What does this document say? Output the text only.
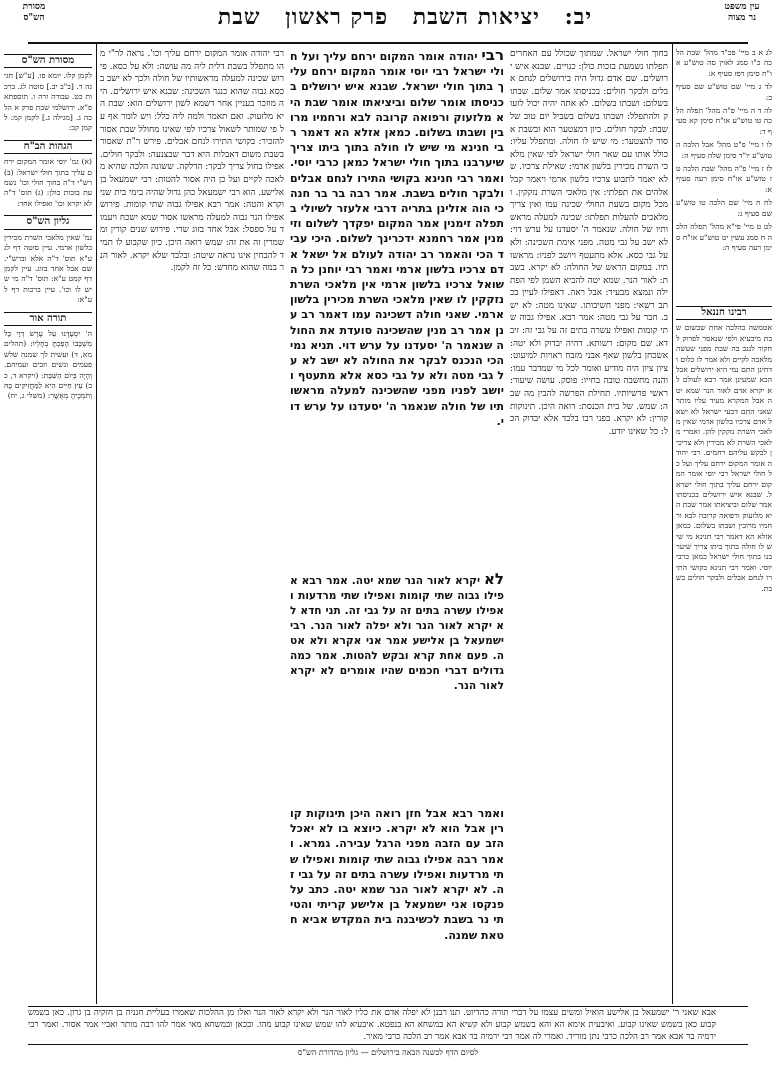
עין משפט
נר מצוה
יב: יציאות השבת פרק ראשון שבת
מסורת
הש"ס

לג א ב מיי' פכ"ד מהל' שבת הלכה כ"ו סמג לאוין סה טוש"ע או"ח סימן רפז סעיף א:

לד ג מיי' שם טוש"ע שם סעיף ב:

לה ד ה מיי' פ"ה מהל' תפלה הלכה טו טוש"ע או"ח סימן קא סעיף ד:

לו ו מיי' פ"ט מהל' אבל הלכה ה טוש"ע יו"ד סימן שלה סעיף ה:

לז ז מיי' פ"ה מהל' שבת הלכה טז טוש"ע או"ח סימן רעה סעיף א:

לח ח מיי' שם הלכה טו טוש"ע שם סעיף ג:

לט ט מיי' פי"א מהל' תפלה הלכה ח סמג עשין יט טוש"ע או"ח סימן רעה סעיף ה:

רבינו חננאל

אטמשה בהלכה אחת שבשום שבת מיבעיא ולפי שנאסר לפרוק לחקור לנגב בה שבת מפני שעשה מלאכה לקיים ולא אמר לו כלום ודחינן התם נמי היא ירושלים אבל הכא שמעינן אמר רבא לעולם לא יקרא אדם לאור הנר שמא יטה אבל המקרא מעיד עליו מותר שאני התם דבעי ישראל לא ישאל אדם צרכיו בלשון ארמי שאין מלאכי השרת נזקקין להן. ואמרי מלאכי השרת לא מכירין ולא צריכין לבקש עליהם רחמים. רבי יהודה אומר המקום ירחם עליך ועל כל חולי ישראל רבי יוסי אומר המקום ירחם עליך בתוך חולי ישראל. שבנא איש ירושלים בכניסתו אמר שלום וביציאתו אמר שבת היא מלזעוק ורפואה קרובה לבא ורחמיו מרובין ושבתו בשלום. כמאן אזלא הא דאמר רבי חנינא מי שיש לו חולה בתוך ביתו צריך שיערבנו בתוך חולי ישראל כמאן כרבי יוסי. ואמר רבי חנינא בקושי התירו לנחם אבלים ולבקר חולים בשבת.

בחוך חולי ישראל. שמתוך שכולל עם האחרים תפלתו נשמעת בזכות כולן: כנויים. שבנא איש ירושלים. שם אדם גדול היה בירושלים לנחם אבלים ולבקר חולים: בכניסתו אמר שלום. שבתו בשלום: ושבתו בשלום. לא אתה יהיה יכול לזעוק ולהתפלל: ושבתו בשלום בשביל יום טוב של שבת: לבקר חולים. כיון דמצטער הוא ובשבת אסור להצטער: מי שיש לו חולה. ומתפלל עליו: כולל אותו עם שאר חולי ישראל לפי שאין מלאכי השרת מכירין בלשון ארמי: שאילת צרכיו. שלא יאמר לתבוע צרכיו בלשון ארמי ויאמר קבל אלהים את תפלתי: אין מלאכי השרת נזקקין. ומכל מקום בשעת החולי שכינה עמו ואין צריך מלאכים להעלות תפלתו: שכינה למעלה מראשותיו של חולה. שנאמר ה' יסעדנו על ערש דוי: לא ישב על גבי מטה. מפני אימת השכינה: ולא על גבי כסא. אלא מתעטף ויושב לפניו: מראשותיו. במקום הראש של החולה: לא יקרא. בשבת: לאור הנר. שמא יטה להביא השמן לפי הפתילה ונמצא מבעיר: אבל ראה. דאפילו לעיין בכתב רשאי: מפני חשיבותו. שאינו מטה: לא ישב. חבר על גבי מטה: אמר רבא. אפילו גבוה שתי קומות ואפילו עשרה בתים זה על גבי זה: זיבדא. שם מקום: רשותא. דהיה יבדוק ולא יטה: אשכחן בלשון שאף אבני מזבח ראויות למיעוט: ציון ציון היה מודיע ואומר לכל מי שמדבר עמו: והנה מחשבה טובה בחייו: פוסק. עושה שיעור: ראשי פרשיותיו. תחילת הפרשה להבין מה שבה: שמש. של בית הכנסת: רואה היכן. תינוקות קורין: לא יקרא. בפני רבו בלבד אלא יבדוק הכל: כל שאינו יודע.

רבי יהודה אומר המקום ירחם עליך ועל חולי ישראל רבי יוסי אומר המקום ירחם עליך בתוך חולי ישראל. שבנא איש ירושלים בכניסתו אומר שלום וביציאתו אומר שבת היא מלזעוק ורפואה קרובה לבא ורחמיו מרובין ושבתו בשלום. כמאן אזלא הא דאמר רבי חנינא מי שיש לו חולה בתוך ביתו צריך שיערבנו בתוך חולי ישראל כמאן כרבי יוסי. ואמר רבי חנינא בקושי התירו לנחם אבלים ולבקר חולים בשבת. אמר רבה בר בר חנה כי הוה אזלינן בתריה דרבי אלעזר לשיולי בתפלה זימנין אמר המקום יפקדך לשלום וזימנין אמר רחמנא ידכרינך לשלום. היכי עביד הכי והאמר רב יהודה לעולם אל ישאל אדם צרכיו בלשון ארמי ואמר רבי יוחנן כל השואל צרכיו בלשון ארמי אין מלאכי השרת נזקקין לו שאין מלאכי השרת מכירין בלשון ארמי. שאני חולה דשכינה עמו דאמר רב ענן אמר רב מנין שהשכינה סועדת את החולה שנאמר ה' יסעדנו על ערש דוי. תניא נמי הכי הנכנס לבקר את החולה לא ישב לא על גבי מטה ולא על גבי כסא אלא מתעטף ויושב לפניו מפני שהשכינה למעלה מראשותיו של חולה שנאמר ה' יסעדנו על ערש דוי.

לא יקרא לאור הנר שמא יטה. אמר רבא אפילו גבוה שתי קומות ואפילו שתי מרדעות ואפילו עשרה בתים זה על גבי זה. תני חדא לא יקרא לאור הנר ולא יפלה לאור הנר. רבי ישמעאל בן אלישע אמר אני אקרא ולא אטה. פעם אחת קרא ובקש להטות. אמר כמה גדולים דברי חכמים שהיו אומרים לא יקרא לאור הנר.

ואמר רבא אבל חזן רואה היכן תינוקות קורין אבל הוא לא יקרא. כיוצא בו לא יאכל הזב עם הזבה מפני הרגל עבירה. גמרא. ואמר רבה אפילו גבוה שתי קומות ואפילו שתי מרדעות ואפילו עשרה בתים זה על גבי זה. לא יקרא לאור הנר שמא יטה. כתב על פנקסו אני ישמעאל בן אלישע קריתי והטיתי נר בשבת לכשיבנה בית המקדש אביא חטאת שמנה.

רבי יהודה אומר המקום ירחם עליך וכו'. נראה לר"י מהו מתפלל בשבת דלית ליה מה עושה: ולא על כסא. פירוש שכינה למעלה מראשותיו של חולה ולכך לא ישב בכסא גבוה שהוא כנגד השכינה: שבנא איש ירושלים. היה מוזכר בעניין אחר דשמא לשון ירושלים הוא: שבת היא מלזעוק. ואם תאמר ולמה ליה כלל: ויש לומר אף על פי שמותר לשאול צרכיו לפי שאינו מחולל שבת אסור להזכיר: בקושי התירו לנחם אבלים. פירש ר"ת שאסור בשבת משום דאבלות היא דבר שבצנעה: ולבקר חולים. אפילו בחול צריך לבקר: הדלקה. ששונה הלכה שהיא מלאכה לקיים ועל כן היה אסור להטות: רבי ישמעאל בן אלישע. הוא רבי ישמעאל כהן גדול שהיה בימי בית שני וקרא והטה: אמר רבא אפילו גבוה שתי קומות. פירוש אפילו הנר גבוה למעלה מראשו אסור שמא ישכח ויעמוד על ספסל: אבל אחד בזוג שרי. פירוש שנים קורין ומשמרין זה את זה: שמש רואה היכן. כיון שקבוע לו תמיד להבחין אינו נראה שיטה: ובלבד שלא יקרא. לאור הנר במה שהוא מחדש: כל זה לקמן.

מסורת הש"ס

לקמן קלו. יומא פו. [ע"ש] חגיגה ד. [ב"ב יב.] סוטה לג. ברכות כט. עבודה זרה ו. תוספתא פ"א. ירושלמי שבת פרק א הלכה ג. [מגילה ג.] לקמן קמ: לקמן קכ:

הגהות הב"ח

(א) גמ' יוסי אומר המקום ירחם עליך בתוך חולי ישראל: (ב) רש"י ד"ה בחוך חולי וכו' נשמעת בזכות כולן: (ג) תוס' ד"ה לא יקרא וכו' ואפילו אחד:

גליון הש"ס

גמ' שאין מלאכי השרת מכירין בלשון ארמי. עיין סוטה דף לג ע"א תוס' ד"ה אלא וברש"י. שם אבל אחד בזוג. עיין לקמן דף קמט ע"א: תוס' ד"ה מי שיש לו וכו'. עיין ברכות דף ל ע"א:

תורה אור

ה' יִסְעָדֶנּוּ עַל עֶרֶשׂ דְּוָי כָּל מִשְׁכָּבוֹ הָפַכְתָּ בְחָלְיוֹ: (תהלים מא, ד) ועשית לך שמנה שלש פעמים ונשים וזבים ועמיהם. וְהָיָה בְּיוֹם הַשַּׁבָּת: (ויקרא ד, כב) עֵץ חַיִּים הִיא לַמַּחֲזִיקִים בָּהּ וְתֹמְכֶיהָ מְאֻשָּׁר: (משלי ג, יח)

אבא שאני ר' ישמעאל בן אלישע הואיל ומשים עצמו על דברי תורה כהדיוט. תנו רבנן לא יפלה אדם את כליו לאור הנר ולא יקרא לאור הנר ואלו מן ההלכות שאמרו בעליית חנניה בן חזקיה בן גרון. כאן בשמש קבוע כאן בשמש שאינו קבוע. ואיבעית אימא הא והא בשמש קבוע ולא קשיא הא במשחא הא בנפטא. איבעיא להו שמש שאינו קבוע מהו. ובכאן ובמשחא מאי אמר להו רבה מותר ואביי אמר אסור. ואמר רבי ירמיה בר אבא אמר רב הלכה כרבי נתן מוריד. ואמרי לה אמר רבי ירמיה בר אבא אמר רב הלכה כרבי מאיר.
לסיום הדף לכשנה הבאה בירושלים — גליון מהדורת הש"ס
